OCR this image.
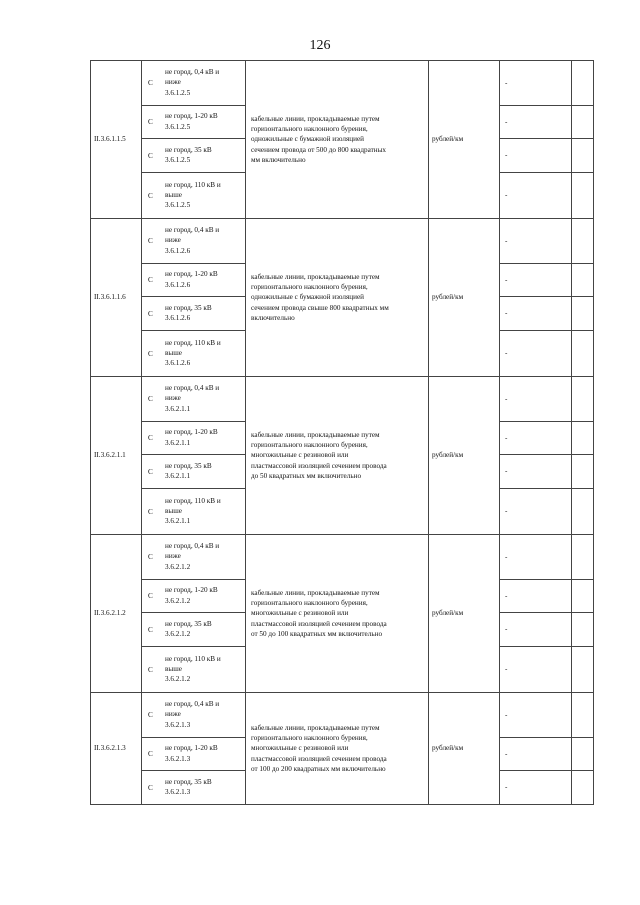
126
II.3.6.1.1.5	С
не город, 0,4 кВ и
ниже
3.6.1.2.5	кабельные линии, прокладываемые путем
горизонтального наклонного бурения,
одножильные с бумажной изоляцией
сечением провода от 500 до 800 квадратных
мм включительно	рублей/км	-	

	С
не город, 1-20 кВ
3.6.1.2.5			-	

	С
не город, 35 кВ
3.6.1.2.5			-	

	С
не город, 110 кВ и
выше
3.6.1.2.5			-	
II.3.6.1.1.6	С
не город, 0,4 кВ и
ниже
3.6.1.2.6	кабельные линии, прокладываемые путем
горизонтального наклонного бурения,
одножильные с бумажной изоляцией
сечением провода свыше 800 квадратных мм
включительно	рублей/км	-	

	С
не город, 1-20 кВ
3.6.1.2.6			-	

	С
не город, 35 кВ
3.6.1.2.6			-	

	С
не город, 110 кВ и
выше
3.6.1.2.6			-	
II.3.6.2.1.1	С
не город, 0,4 кВ и
ниже
3.6.2.1.1	кабельные линии, прокладываемые путем
горизонтального наклонного бурения,
многожильные с резиновой или
пластмассовой изоляцией сечением провода
до 50 квадратных мм включительно	рублей/км	-	

	С
не город, 1-20 кВ
3.6.2.1.1			-	

	С
не город, 35 кВ
3.6.2.1.1			-	

	С
не город, 110 кВ и
выше
3.6.2.1.1			-	
II.3.6.2.1.2	С
не город, 0,4 кВ и
ниже
3.6.2.1.2	кабельные линии, прокладываемые путем
горизонтального наклонного бурения,
многожильные с резиновой или
пластмассовой изоляцией сечением провода
от 50 до 100 квадратных мм включительно	рублей/км	-	

	С
не город, 1-20 кВ
3.6.2.1.2			-	

	С
не город, 35 кВ
3.6.2.1.2			-	

	С
не город, 110 кВ и
выше
3.6.2.1.2			-	
II.3.6.2.1.3	С
не город, 0,4 кВ и
ниже
3.6.2.1.3	кабельные линии, прокладываемые путем
горизонтального наклонного бурения,
многожильные с резиновой или
пластмассовой изоляцией сечением провода
от 100 до 200 квадратных мм включительно	рублей/км	-	

	С
не город, 1-20 кВ
3.6.2.1.3			-	

	С
не город, 35 кВ
3.6.2.1.3			-	
